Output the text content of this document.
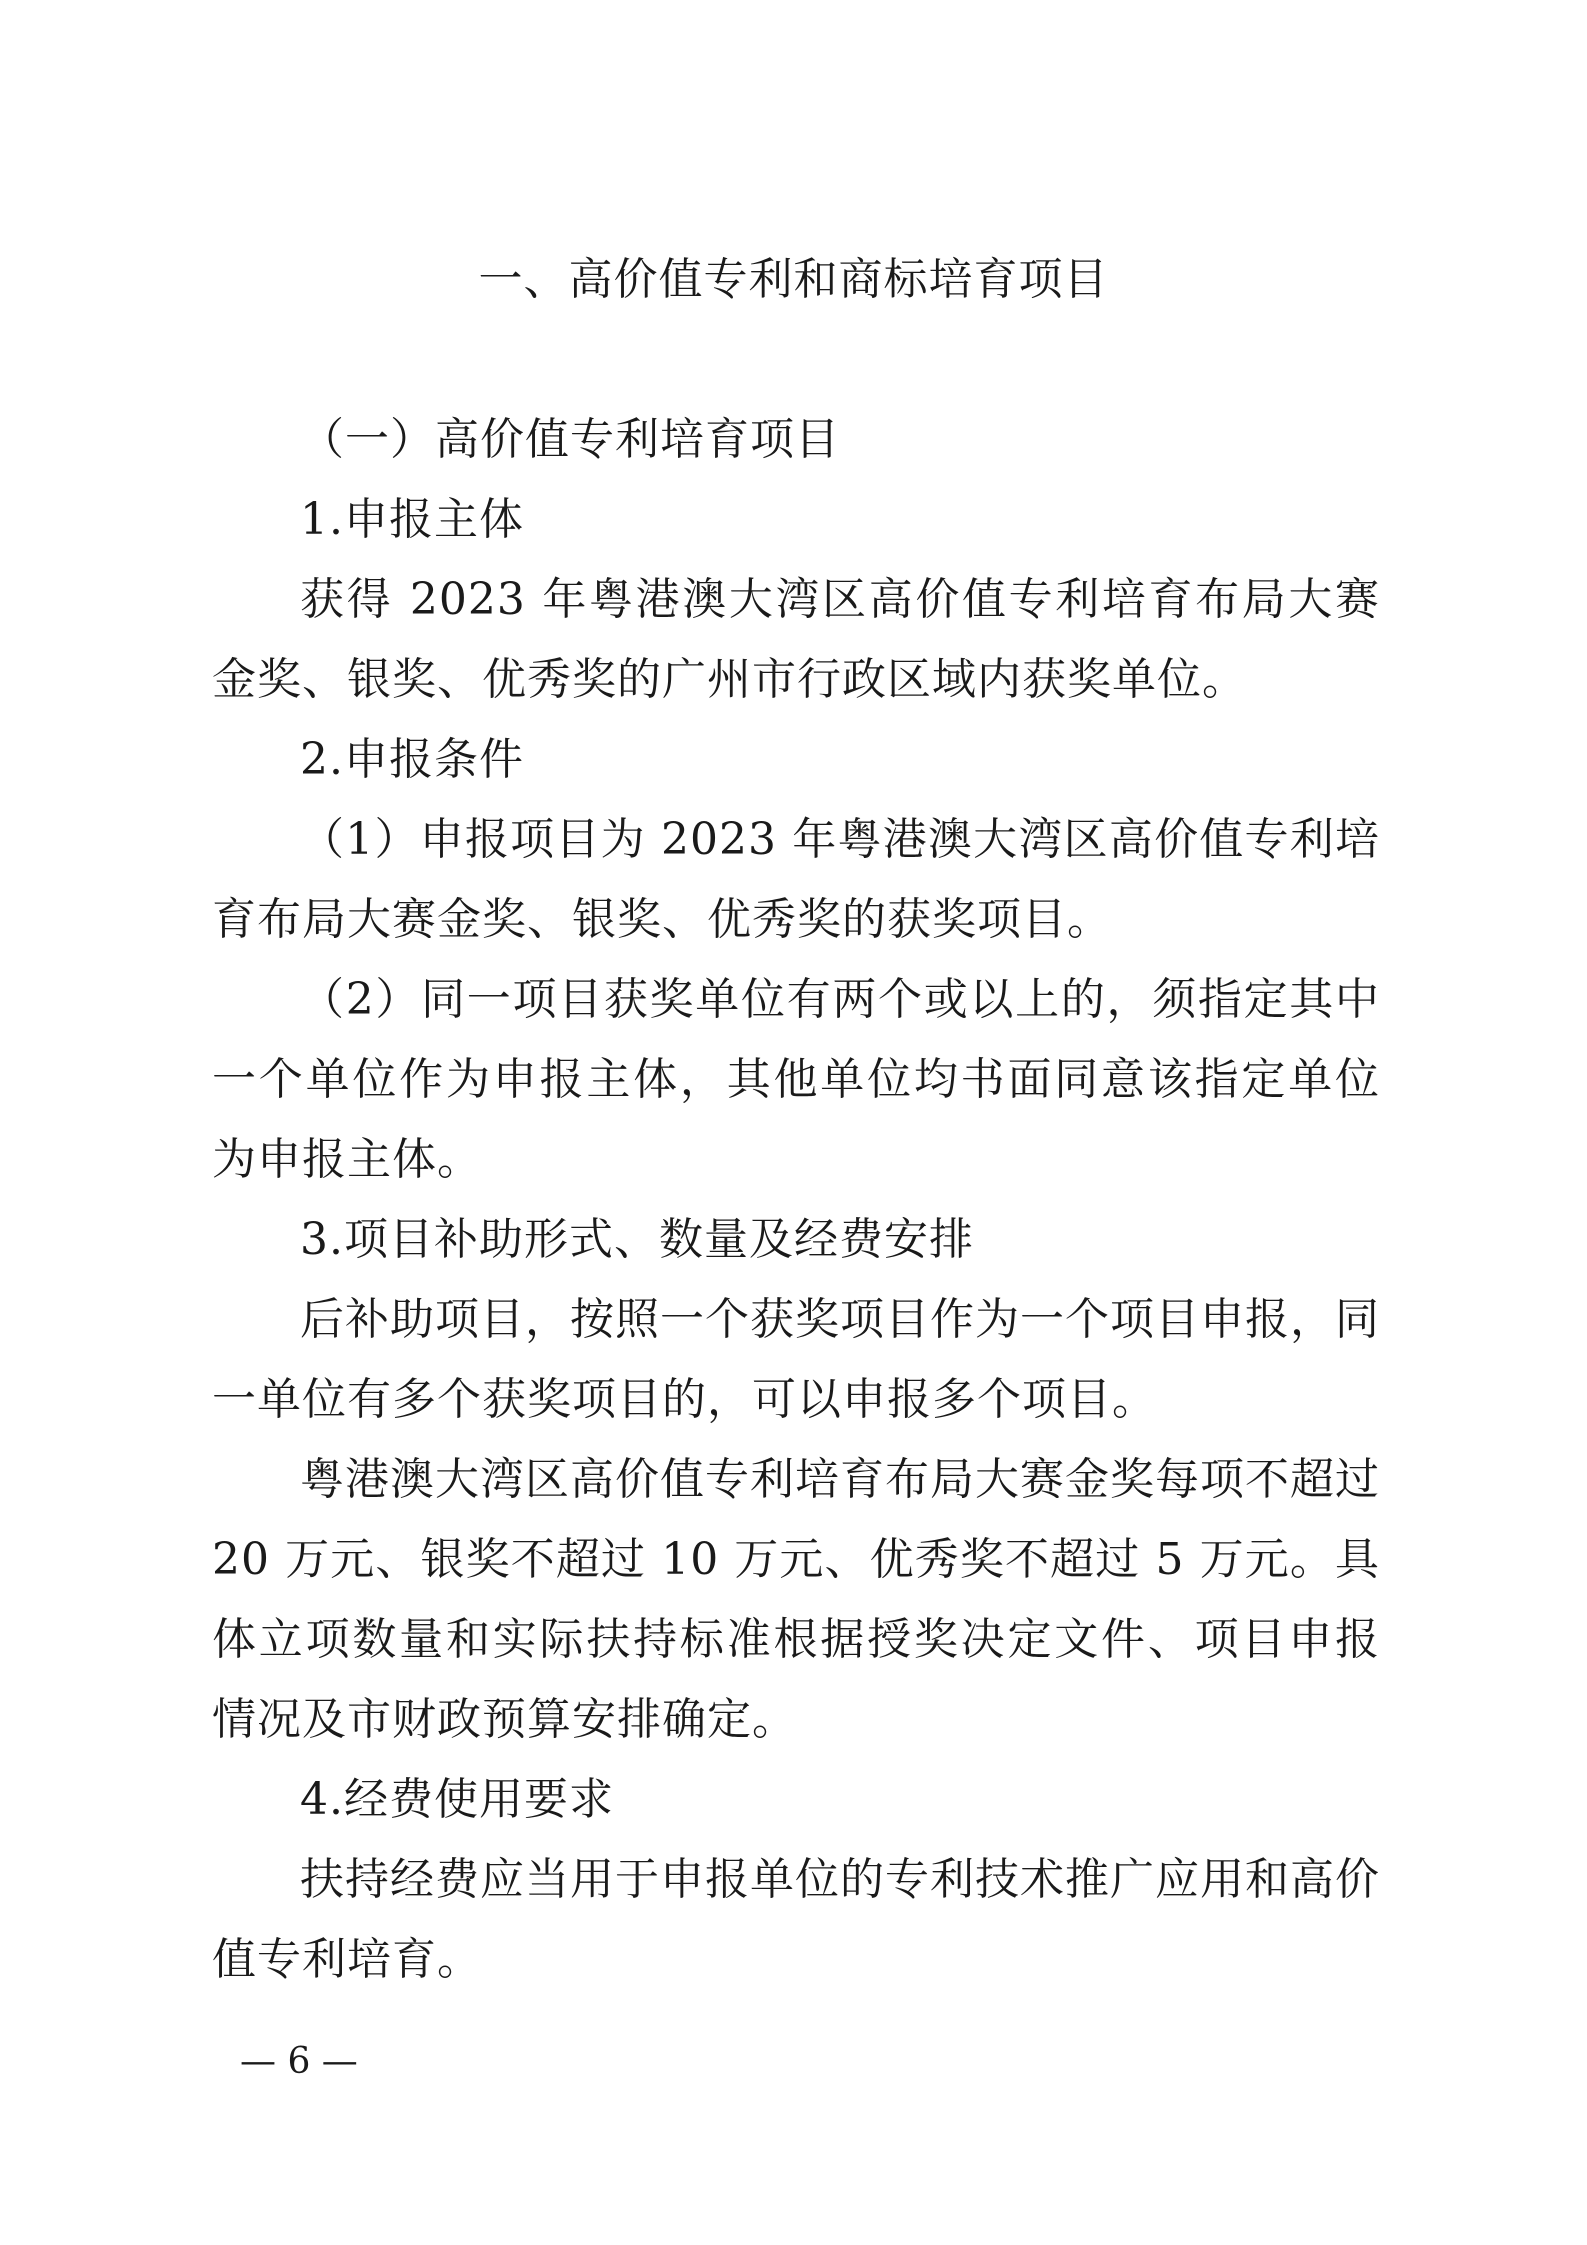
一、高价值专利和商标培育项目

（一）高价值专利培育项目

1.申报主体

获得 2023 年粤港澳大湾区高价值专利培育布局大赛金奖、银奖、优秀奖的广州市行政区域内获奖单位。

2.申报条件

（1）申报项目为 2023 年粤港澳大湾区高价值专利培育布局大赛金奖、银奖、优秀奖的获奖项目。

（2）同一项目获奖单位有两个或以上的，须指定其中一个单位作为申报主体，其他单位均书面同意该指定单位为申报主体。

3.项目补助形式、数量及经费安排

后补助项目，按照一个获奖项目作为一个项目申报，同一单位有多个获奖项目的，可以申报多个项目。

粤港澳大湾区高价值专利培育布局大赛金奖每项不超过 20 万元、银奖不超过 10 万元、优秀奖不超过 5 万元。具体立项数量和实际扶持标准根据授奖决定文件、项目申报情况及市财政预算安排确定。

4.经费使用要求

扶持经费应当用于申报单位的专利技术推广应用和高价值专利培育。

— 6 —
